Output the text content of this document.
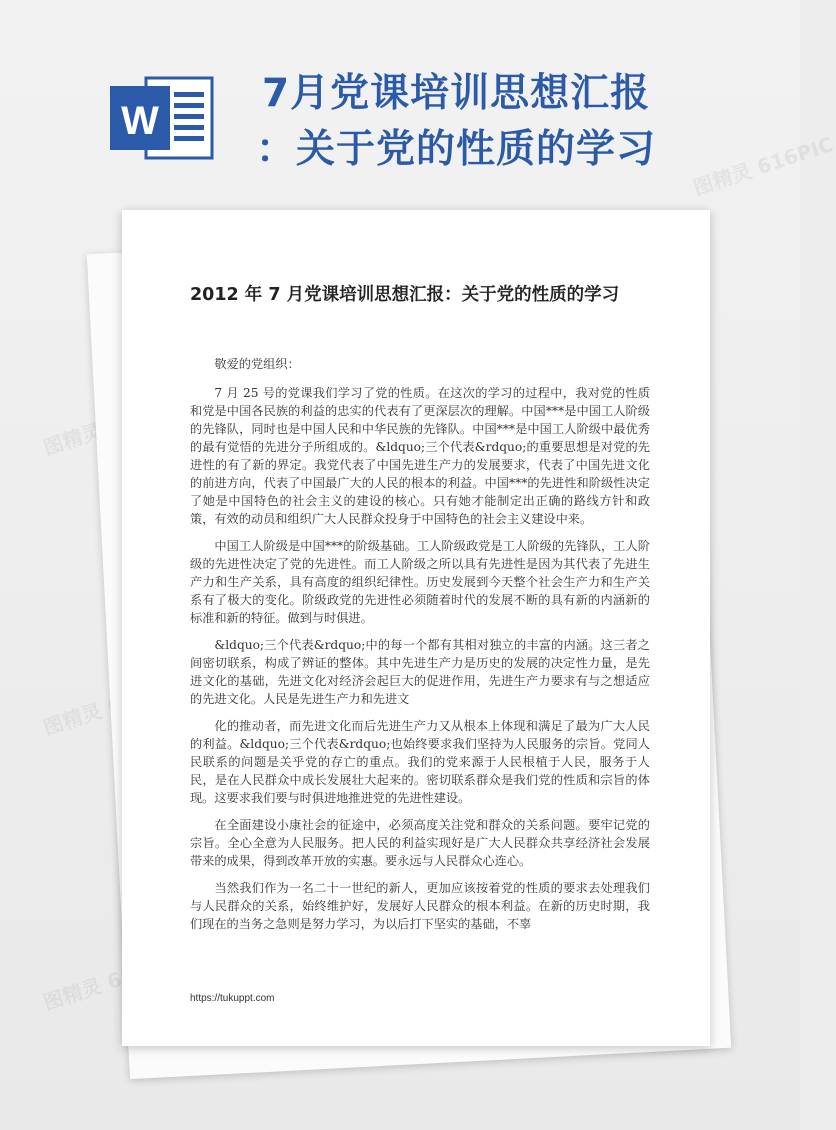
W
7月党课培训思想汇报
：关于党的性质的学习
2012 年 7 月党课培训思想汇报：关于党的性质的学习

敬爱的党组织：

7 月 25 号的党课我们学习了党的性质。在这次的学习的过程中，我对党的性质和党是中国各民族的利益的忠实的代表有了更深层次的理解。中国***是中国工人阶级的先锋队，同时也是中国人民和中华民族的先锋队。中国***是中国工人阶级中最优秀的最有觉悟的先进分子所组成的。&ldquo;三个代表&rdquo;的重要思想是对党的先进性的有了新的界定。我党代表了中国先进生产力的发展要求，代表了中国先进文化的前进方向，代表了中国最广大的人民的根本的利益。中国***的先进性和阶级性决定了她是中国特色的社会主义的建设的核心。只有她才能制定出正确的路线方针和政策，有效的动员和组织广大人民群众投身于中国特色的社会主义建设中来。

中国工人阶级是中国***的阶级基础。工人阶级政党是工人阶级的先锋队，工人阶级的先进性决定了党的先进性。而工人阶级之所以具有先进性是因为其代表了先进生产力和生产关系，具有高度的组织纪律性。历史发展到今天整个社会生产力和生产关系有了极大的变化。阶级政党的先进性必须随着时代的发展不断的具有新的内涵新的标准和新的特征。做到与时俱进。

&ldquo;三个代表&rdquo;中的每一个都有其相对独立的丰富的内涵。这三者之间密切联系，构成了辨证的整体。其中先进生产力是历史的发展的决定性力量，是先进文化的基础，先进文化对经济会起巨大的促进作用，先进生产力要求有与之想适应的先进文化。人民是先进生产力和先进文

化的推动者，而先进文化而后先进生产力又从根本上体现和满足了最为广大人民的利益。&ldquo;三个代表&rdquo;也始终要求我们坚持为人民服务的宗旨。党同人民联系的问题是关乎党的存亡的重点。我们的党来源于人民根植于人民，服务于人民，是在人民群众中成长发展壮大起来的。密切联系群众是我们党的性质和宗旨的体现。这要求我们要与时俱进地推进党的先进性建设。

在全面建设小康社会的征途中，必须高度关注党和群众的关系问题。要牢记党的宗旨。全心全意为人民服务。把人民的利益实现好是广大人民群众共享经济社会发展带来的成果，得到改革开放的实惠。要永远与人民群众心连心。

当然我们作为一名二十一世纪的新人，更加应该按着党的性质的要求去处理我们与人民群众的关系，始终维护好，发展好人民群众的根本利益。在新的历史时期，我们现在的当务之急则是努力学习，为以后打下坚实的基础，不辜

https://tukuppt.com
